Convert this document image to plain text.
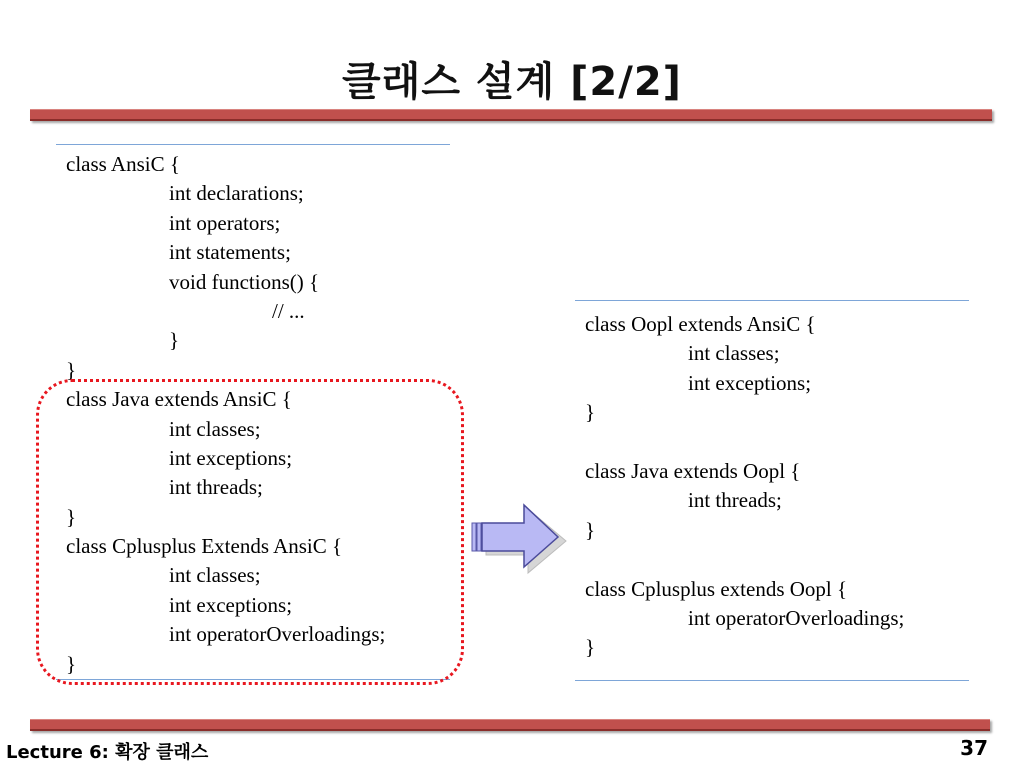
클래스 설계 [2/2]
class AnsiC {
int declarations;
int operators;
int statements;
void functions() {
// ...
}
}
class Java extends AnsiC {
int classes;
int exceptions;
int threads;
}
class Cplusplus Extends AnsiC {
int classes;
int exceptions;
int operatorOverloadings;
}
class Oopl extends AnsiC {
int classes;
int exceptions;
}
class Java extends Oopl {
int threads;
}
class Cplusplus extends Oopl {
int operatorOverloadings;
}
Lecture 6: 확장 클래스	37
